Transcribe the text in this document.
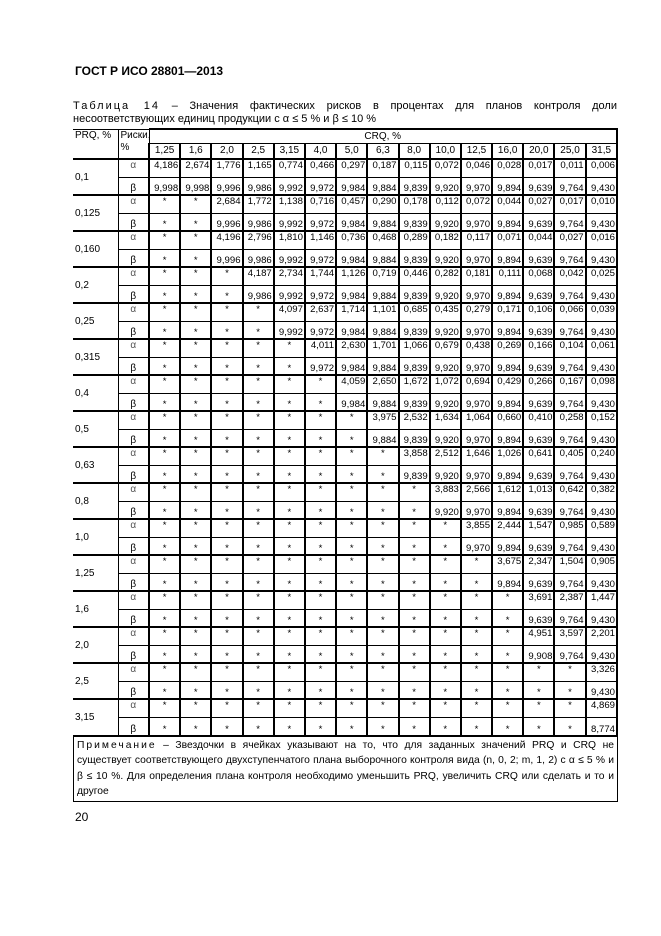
ГОСТ Р ИСО 28801—2013
Таблица 14 – Значения фактических рисков в процентах для планов контроля доли несоответствующих единиц продукции с α ≤ 5 % и β ≤ 10 %
PRQ, %	Риски, %	CRQ, %														
		1,25	1,6	2,0	2,5	3,15	4,0	5,0	6,3	8,0	10,0	12,5	16,0	20,0	25,0	31,5
0,1	α	4,186	2,674	1,776	1,165	0,774	0,466	0,297	0,187	0,115	0,072	0,046	0,028	0,017	0,011	0,006
	β	9,998	9,998	9,996	9,986	9,992	9,972	9,984	9,884	9,839	9,920	9,970	9,894	9,639	9,764	9,430
0,125	α	*	*	2,684	1,772	1,138	0,716	0,457	0,290	0,178	0,112	0,072	0,044	0,027	0,017	0,010
	β	*	*	9,996	9,986	9,992	9,972	9,984	9,884	9,839	9,920	9,970	9,894	9,639	9,764	9,430
0,160	α	*	*	4,196	2,796	1,810	1,146	0,736	0,468	0,289	0,182	0,117	0,071	0,044	0,027	0,016
	β	*	*	9,996	9,986	9,992	9,972	9,984	9,884	9,839	9,920	9,970	9,894	9,639	9,764	9,430
0,2	α	*	*	*	4,187	2,734	1,744	1,126	0,719	0,446	0,282	0,181	0,111	0,068	0,042	0,025
	β	*	*	*	9,986	9,992	9,972	9,984	9,884	9,839	9,920	9,970	9,894	9,639	9,764	9,430
0,25	α	*	*	*	*	4,097	2,637	1,714	1,101	0,685	0,435	0,279	0,171	0,106	0,066	0,039
	β	*	*	*	*	9,992	9,972	9,984	9,884	9,839	9,920	9,970	9,894	9,639	9,764	9,430
0,315	α	*	*	*	*	*	4,011	2,630	1,701	1,066	0,679	0,438	0,269	0,166	0,104	0,061
	β	*	*	*	*	*	9,972	9,984	9,884	9,839	9,920	9,970	9,894	9,639	9,764	9,430
0,4	α	*	*	*	*	*	*	4,059	2,650	1,672	1,072	0,694	0,429	0,266	0,167	0,098
	β	*	*	*	*	*	*	9,984	9,884	9,839	9,920	9,970	9,894	9,639	9,764	9,430
0,5	α	*	*	*	*	*	*	*	3,975	2,532	1,634	1,064	0,660	0,410	0,258	0,152
	β	*	*	*	*	*	*	*	9,884	9,839	9,920	9,970	9,894	9,639	9,764	9,430
0,63	α	*	*	*	*	*	*	*	*	3,858	2,512	1,646	1,026	0,641	0,405	0,240
	β	*	*	*	*	*	*	*	*	9,839	9,920	9,970	9,894	9,639	9,764	9,430
0,8	α	*	*	*	*	*	*	*	*	*	3,883	2,566	1,612	1,013	0,642	0,382
	β	*	*	*	*	*	*	*	*	*	9,920	9,970	9,894	9,639	9,764	9,430
1,0	α	*	*	*	*	*	*	*	*	*	*	3,855	2,444	1,547	0,985	0,589
	β	*	*	*	*	*	*	*	*	*	*	9,970	9,894	9,639	9,764	9,430
1,25	α	*	*	*	*	*	*	*	*	*	*	*	3,675	2,347	1,504	0,905
	β	*	*	*	*	*	*	*	*	*	*	*	9,894	9,639	9,764	9,430
1,6	α	*	*	*	*	*	*	*	*	*	*	*	*	3,691	2,387	1,447
	β	*	*	*	*	*	*	*	*	*	*	*	*	9,639	9,764	9,430
2,0	α	*	*	*	*	*	*	*	*	*	*	*	*	4,951	3,597	2,201
	β	*	*	*	*	*	*	*	*	*	*	*	*	9,908	9,764	9,430
2,5	α	*	*	*	*	*	*	*	*	*	*	*	*	*	*	3,326
	β	*	*	*	*	*	*	*	*	*	*	*	*	*	*	9,430
3,15	α	*	*	*	*	*	*	*	*	*	*	*	*	*	*	4,869
	β	*	*	*	*	*	*	*	*	*	*	*	*	*	*	8,774
Примечание – Звездочки в ячейках указывают на то, что для заданных значений PRQ и CRQ не существует соответствующего двухступенчатого плана выборочного контроля вида (n, 0, 2; m, 1, 2) с α ≤ 5 % и β ≤ 10 %. Для определения плана контроля необходимо уменьшить PRQ, увеличить CRQ или сделать и то и другое
20
